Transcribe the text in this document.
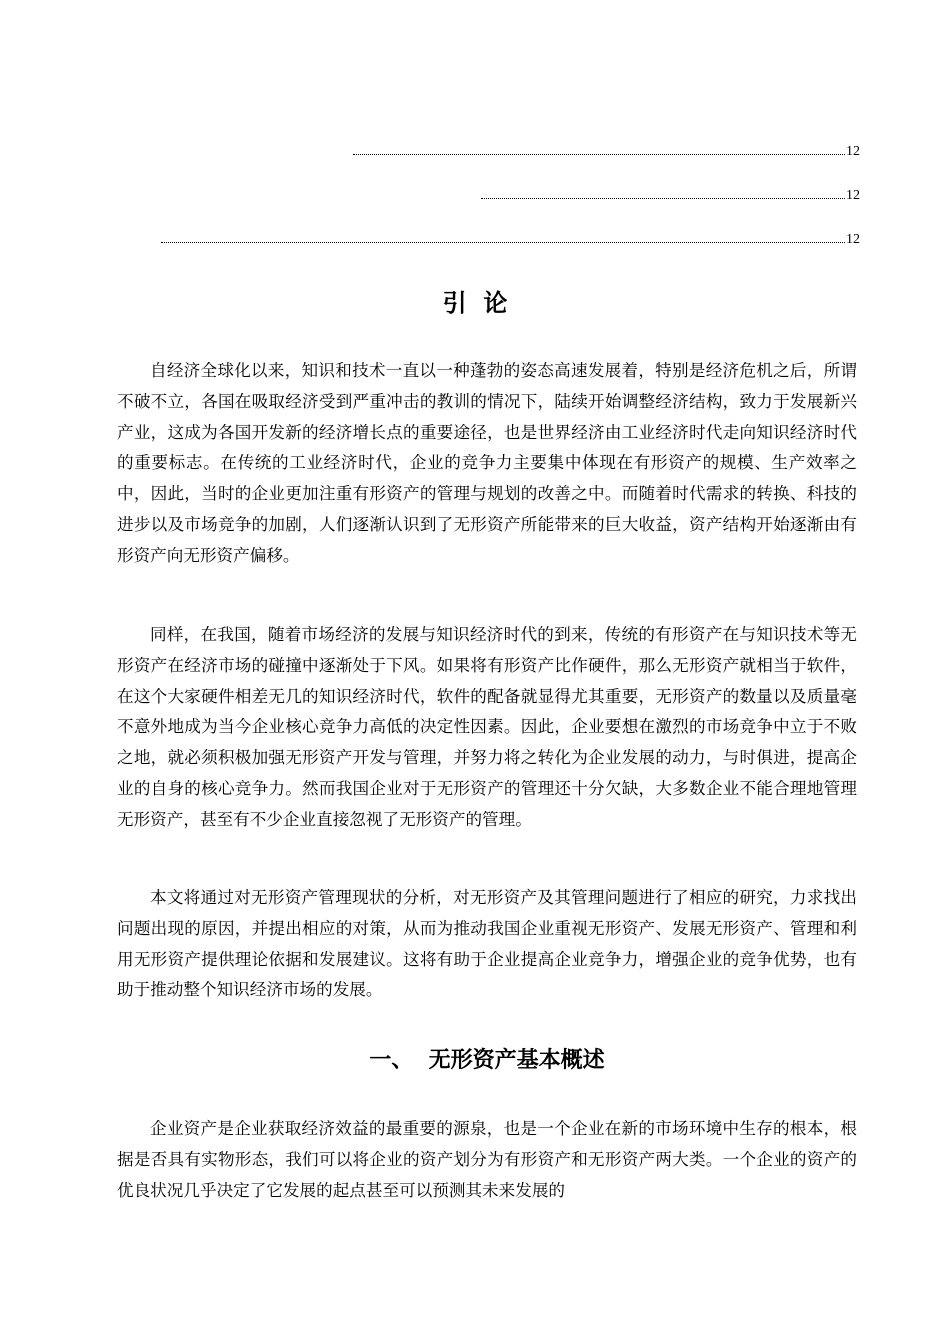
12
12
12
引  论

自经济全球化以来，知识和技术一直以一种蓬勃的姿态高速发展着，特别是经济危机之后，所谓不破不立，各国在吸取经济受到严重冲击的教训的情况下，陆续开始调整经济结构，致力于发展新兴产业，这成为各国开发新的经济增长点的重要途径，也是世界经济由工业经济时代走向知识经济时代的重要标志。在传统的工业经济时代，企业的竞争力主要集中体现在有形资产的规模、生产效率之中，因此，当时的企业更加注重有形资产的管理与规划的改善之中。而随着时代需求的转换、科技的进步以及市场竞争的加剧，人们逐渐认识到了无形资产所能带来的巨大收益，资产结构开始逐渐由有形资产向无形资产偏移。

同样，在我国，随着市场经济的发展与知识经济时代的到来，传统的有形资产在与知识技术等无形资产在经济市场的碰撞中逐渐处于下风。如果将有形资产比作硬件，那么无形资产就相当于软件，在这个大家硬件相差无几的知识经济时代，软件的配备就显得尤其重要，无形资产的数量以及质量毫不意外地成为当今企业核心竞争力高低的决定性因素。因此，企业要想在激烈的市场竞争中立于不败之地，就必须积极加强无形资产开发与管理，并努力将之转化为企业发展的动力，与时俱进，提高企业的自身的核心竞争力。然而我国企业对于无形资产的管理还十分欠缺，大多数企业不能合理地管理无形资产，甚至有不少企业直接忽视了无形资产的管理。

本文将通过对无形资产管理现状的分析，对无形资产及其管理问题进行了相应的研究，力求找出问题出现的原因，并提出相应的对策，从而为推动我国企业重视无形资产、发展无形资产、管理和利用无形资产提供理论依据和发展建议。这将有助于企业提高企业竞争力，增强企业的竞争优势，也有助于推动整个知识经济市场的发展。

一、  无形资产基本概述

企业资产是企业获取经济效益的最重要的源泉，也是一个企业在新的市场环境中生存的根本，根据是否具有实物形态，我们可以将企业的资产划分为有形资产和无形资产两大类。一个企业的资产的优良状况几乎决定了它发展的起点甚至可以预测其未来发展的
